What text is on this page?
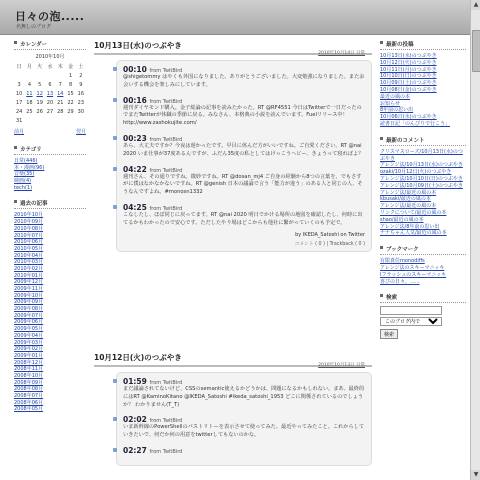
日々の泡.....
名無しのブログ
カレンダー
2010年10月
日	月	火	水	木	金	土
					1	2
3	4	5	6	7	8	9
10	11	12	13	14	15	16
17	18	19	20	21	22	23
24	25	26	27	28	29	30
31						
前月	翌月
カテゴリ
日常(446)
本・漫画(96)
音楽(35)
映画(4)
tech(1)
過去の記事
2010年10月
2010年09月
2010年08月
2010年07月
2010年06月
2010年05月
2010年04月
2010年03月
2010年02月
2010年01月
2009年12月
2009年11月
2009年10月
2009年09月
2009年08月
2009年07月
2009年06月
2009年05月
2009年04月
2009年03月
2009年02月
2009年01月
2008年12月
2008年11月
2008年10月
2008年09月
2008年08月
2008年07月
2008年06月
2008年05月
10月13日(水)のつぶやき
2010年10月14日 日常
00:10 from TwitBird
@shigetommy はやくも外国になりました。ありがとうございました。大変勉強になりました。またお会いする機会を楽しみにしています。
00:16 from TwitBird
週刊ダイヤモンド購入。金子総論の記事を読みたかった。RT @RF4551 今日はTwitterで一日だったのでまたTwitterが休職の季節に戻る。みなさん、本格典の小説を読んでいます。Fuelリリース中！ http://www.zashokujite.com/
00:23 from TwitBird
あら、大丈夫ですか？今夜は遅かったです。早目に休んだ方がいいですね。ご自愛ください。RT @nai 2020 いま仕事が37度あるんですが、ふだん35度の私としてはけっこうヘビー、きょうって寝ればよ？
04:22 from TwitBird
週刊さん、その通りですね。微妙ですね。RT @dosan_mj4 ご自身の経験から8つの言葉を、でもさすがに僕はなかなかないですね。RT @genish 日本の議論で言う「能力が違う」のある人と同じの人、そうなんですよね。#monosn1332
04:25 from TwitBird
こなしたし、ほぼ同じに戻ってます。RT @nai 2020 明日でかける場所の地図を確認したし、何時に出てるかもわかったので安心です。ただしたやり場はどこからも他社に繋がっていくのも予定で。
by IKEDA_Satoshi on Twitter
コメント ( 0 ) | Trackback ( 0 )
10月12日(火)のつぶやき
2010年10月13日 日常
01:59 from TwitBird
まだ議論されてないけど、CSSのsemantic使えるかどうかは、問題になるかもしれない。まあ、最終的にはRT @KaminoKitano @IKEDA_Satoshi #ikeda_satoshi_1953 どこに関係されているのでしょうか？ わかりません(T_T)
02:02 from TwitBird
いま新幹線のPowerShellのパストリトーを表示させて使ってみた。最近やってみたこと。これからしていきたいで、何だか何の用意をtwitterしてもないのかな。
02:27 from TwitBird
最新の投稿
10月13日(水)のつぶやき
10月12日(火)のつぶやき
10月11日(月)のつぶやき
10月10日(日)のつぶやき
10月09日(土)のつぶやき
10月08日(金)のつぶやき
最近の風の本
お知らせ
8年前の思い出
10月06日(水)のつぶやき
読書日記「のんびりで行こう」
最新のコメント
クリスマスローズ/10月13日(水)のつぶやき
アレンジ法/10月13日(水)のつぶやき
ozaki/10月12日(火)のつぶやき
アレンジ法/10月10日(日)のつぶやき
アレンジ法/10月09日(土)のつぶやき
アレンジ法/最近の風の本
kbusaki/最近の風の本
アレンジ法/最近の風の本
リンクについて/最近の風の本
shao/最近の風の本
アレンジ法/8年前の思い出
ナナちゃん人気/最近の風の本
ブックマーク
有限責任monodiffs
アレンジ法のスキーマニッキ
Iフラッシュのスキーマニッキ
喜びの日々、......
検索
このブログ内で
検索
▲
▼
